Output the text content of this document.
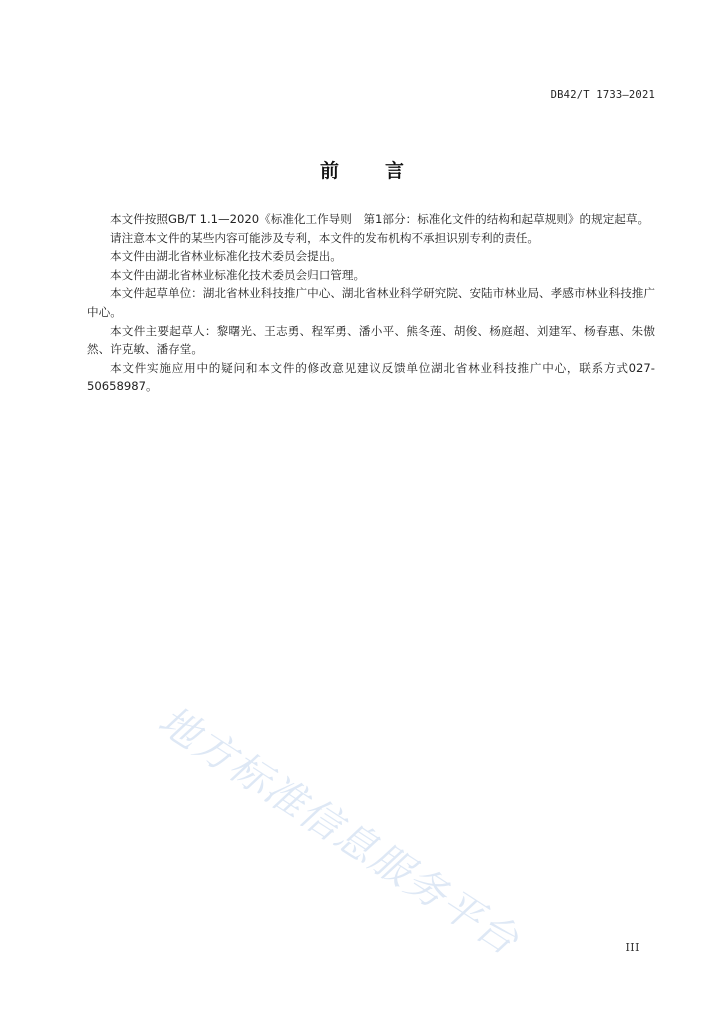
DB42/T 1733—2021
前 言

本文件按照GB/T 1.1—2020《标准化工作导则　第1部分：标准化文件的结构和起草规则》的规定起草。

请注意本文件的某些内容可能涉及专利，本文件的发布机构不承担识别专利的责任。

本文件由湖北省林业标准化技术委员会提出。

本文件由湖北省林业标准化技术委员会归口管理。

本文件起草单位：湖北省林业科技推广中心、湖北省林业科学研究院、安陆市林业局、孝感市林业科技推广中心。

本文件主要起草人：黎曙光、王志勇、程军勇、潘小平、熊冬莲、胡俊、杨庭超、刘建军、杨春惠、朱傲然、许克敏、潘存堂。

本文件实施应用中的疑问和本文件的修改意见建议反馈单位湖北省林业科技推广中心，联系方式027-50658987。

地方标准信息服务平台	III
